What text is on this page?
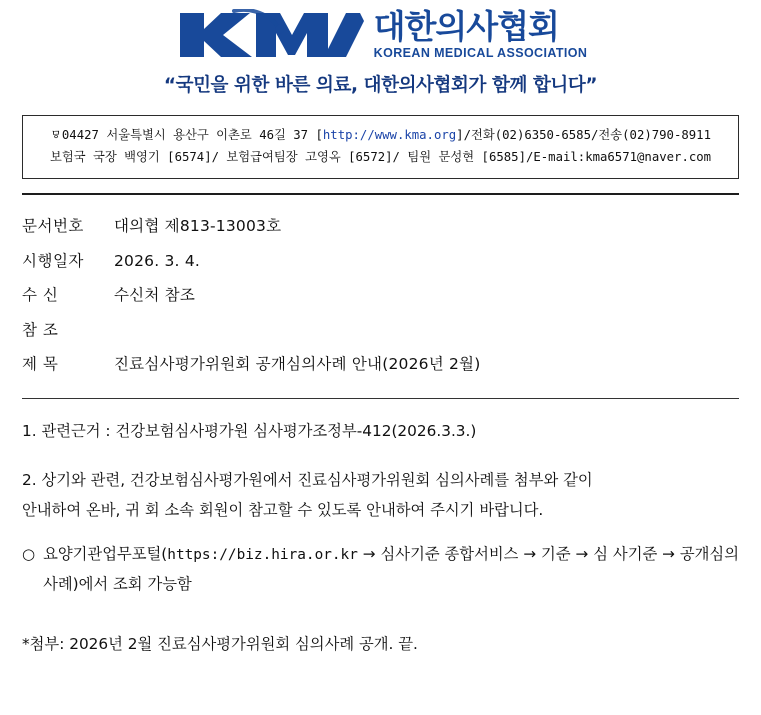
대한의사협회
KOREAN MEDICAL ASSOCIATION
“국민을 위한 바른 의료, 대한의사협회가 함께 합니다”
ㅱ04427 서울특별시 용산구 이촌로 46길 37 [http://www.kma.org]/전화(02)6350-6585/전송(02)790-8911
보험국 국장 백영기 [6574]/ 보험급여팀장 고영옥 [6572]/ 팀원 문성현 [6585]/E-mail:kma6571@naver.com
문서번호	대의협 제813-13003호
시행일자	2026. 3. 4.
수 신	수신처 참조
참 조
제 목	진료심사평가위원회 공개심의사례 안내(2026년 2월)

1. 관련근거 : 건강보험심사평가원 심사평가조정부-412(2026.3.3.)

2. 상기와 관련, 건강보험심사평가원에서 진료심사평가위원회 심의사례를 첨부와 같이
안내하여 온바, 귀 회 소속 회원이 참고할 수 있도록 안내하여 주시기 바랍니다.

○ 요양기관업무포털(https://biz.hira.or.kr → 심사기준 종합서비스 → 기준 → 심 사기준 → 공개심의사례)에서 조회 가능함

*첨부: 2026년 2월 진료심사평가위원회 심의사례 공개. 끝.
